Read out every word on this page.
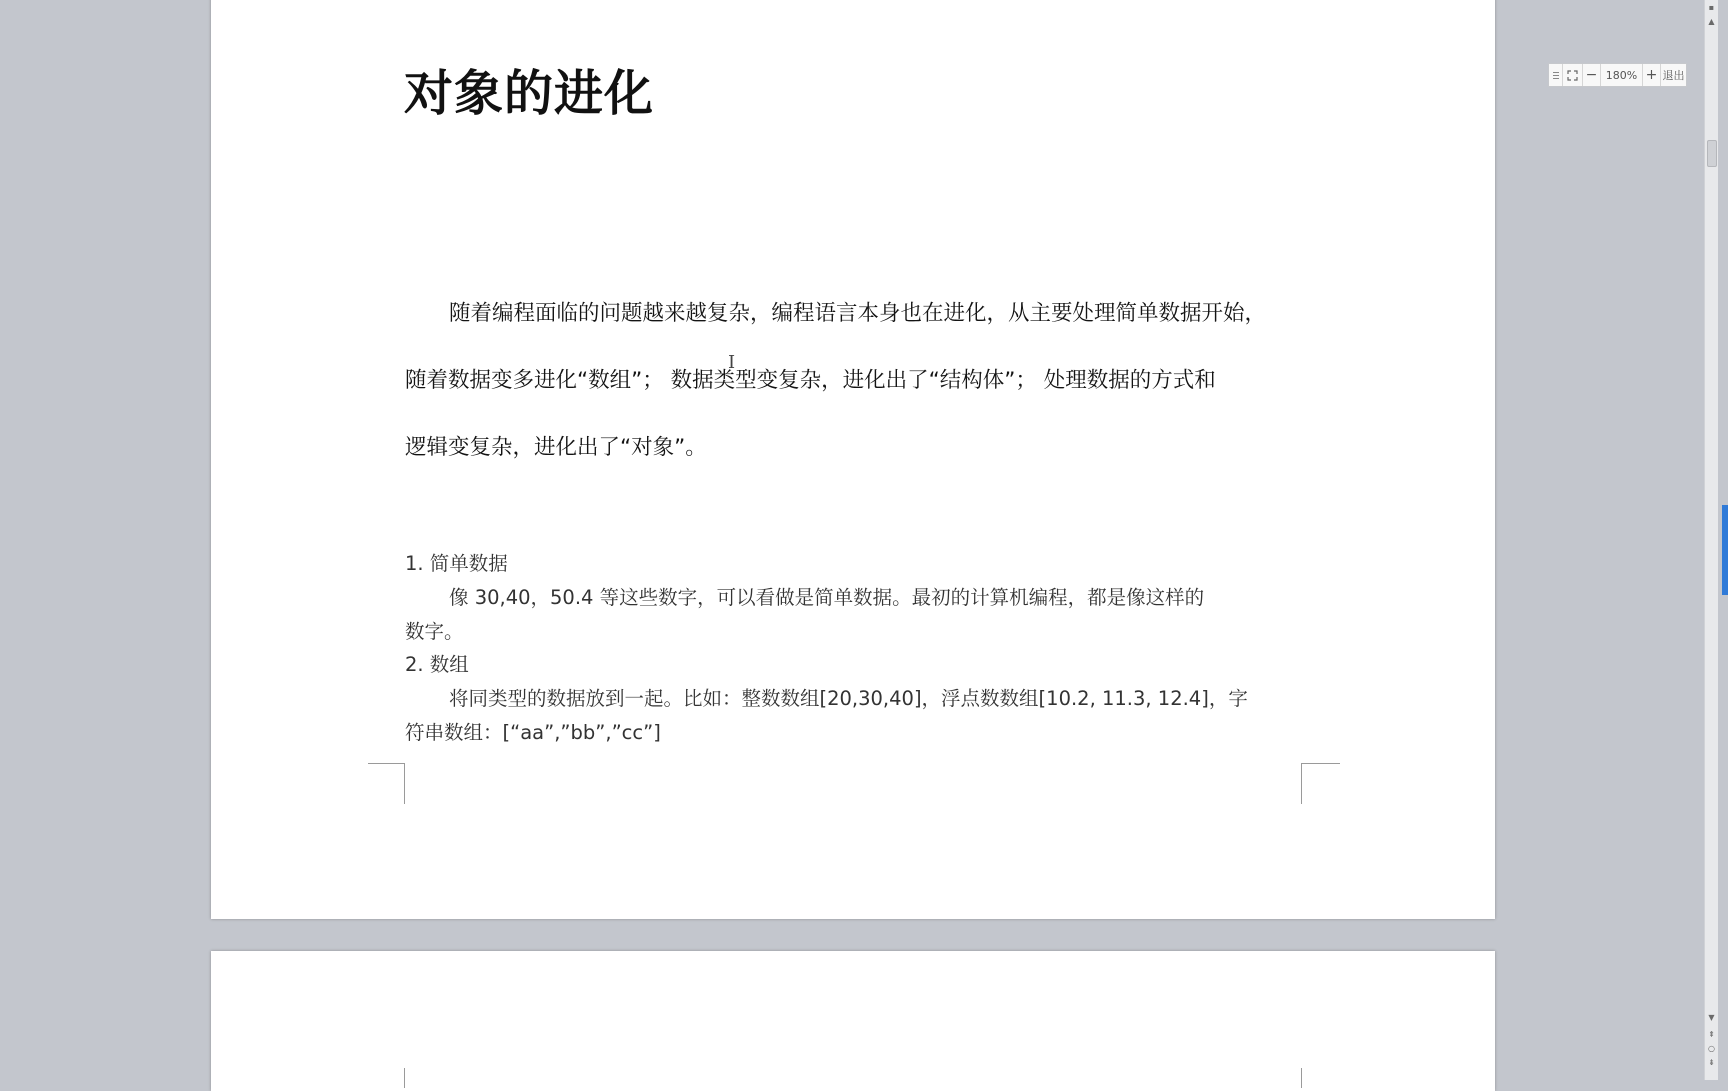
对象的进化

随着编程面临的问题越来越复杂，编程语言本身也在进化，从主要处理简单数据开始，

随着数据变多进化“数组”； 数据类型变复杂，进化出了“结构体”； 处理数据的方式和

逻辑变复杂，进化出了“对象”。

1. 简单数据

像 30,40，50.4 等这些数字，可以看做是简单数据。最初的计算机编程，都是像这样的

数字。

2. 数组

将同类型的数据放到一起。比如：整数数组[20,30,40]，浮点数数组[10.2, 11.3, 12.4]，字

符串数组：[“aa”,”bb”,”cc”]

I
− 180% + 退出
▪
▲
▼
⇞
○
⇟
